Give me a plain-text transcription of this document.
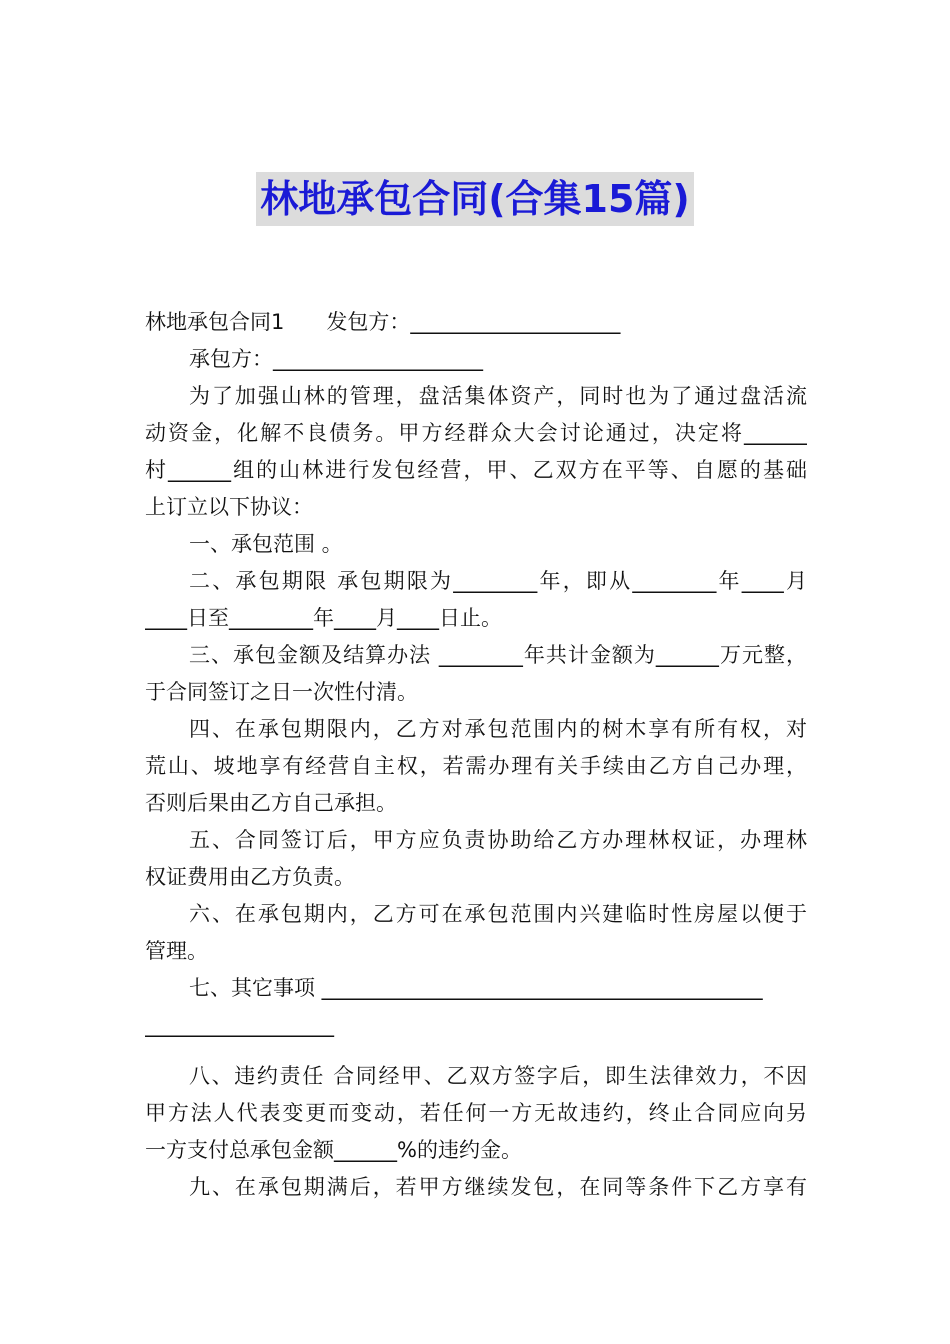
林地承包合同(合集15篇)
林地承包合同1　　发包方：____________________
承包方：____________________
为了加强山林的管理，盘活集体资产，同时也为了通过盘活流
动资金，化解不良债务。甲方经群众大会讨论通过，决定将______
村______组的山林进行发包经营，甲、乙双方在平等、自愿的基础
上订立以下协议：
一、承包范围 。
二、承包期限 承包期限为________年，即从________年____月
____日至________年____月____日止。
三、承包金额及结算办法 ________年共计金额为______万元整，
于合同签订之日一次性付清。
四、在承包期限内，乙方对承包范围内的树木享有所有权，对
荒山、坡地享有经营自主权，若需办理有关手续由乙方自己办理，
否则后果由乙方自己承担。
五、合同签订后，甲方应负责协助给乙方办理林权证，办理林
权证费用由乙方负责。
六、在承包期内，乙方可在承包范围内兴建临时性房屋以便于
管理。
七、其它事项 __________________________________________
__________________
八、违约责任 合同经甲、乙双方签字后，即生法律效力，不因
甲方法人代表变更而变动，若任何一方无故违约，终止合同应向另
一方支付总承包金额______%的违约金。
九、在承包期满后，若甲方继续发包，在同等条件下乙方享有
